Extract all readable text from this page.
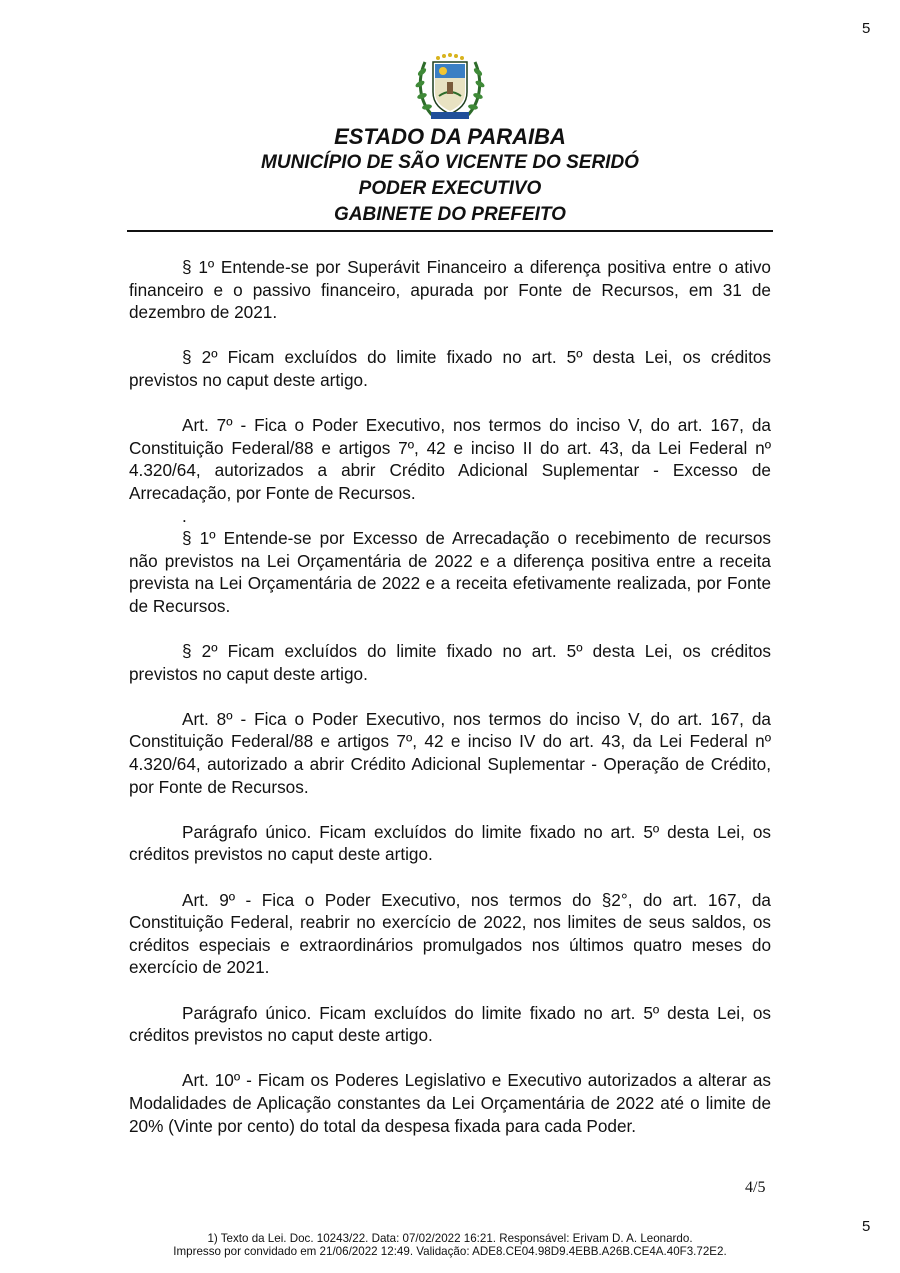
5
ESTADO DA PARAIBA
MUNICÍPIO DE SÃO VICENTE DO SERIDÓ
PODER EXECUTIVO
GABINETE DO PREFEITO

§ 1º Entende-se por Superávit Financeiro a diferença positiva entre o ativo financeiro e o passivo financeiro, apurada por Fonte de Recursos, em 31 de dezembro de 2021.

§ 2º Ficam excluídos do limite fixado no art. 5º desta Lei, os créditos previstos no caput deste artigo.

Art. 7º - Fica o Poder Executivo, nos termos do inciso V, do art. 167, da Constituição Federal/88 e artigos 7º, 42 e inciso II do art. 43, da Lei Federal nº 4.320/64, autorizados a abrir Crédito Adicional Suplementar - Excesso de Arrecadação, por Fonte de Recursos.

.

§ 1º Entende-se por Excesso de Arrecadação o recebimento de recursos não previstos na Lei Orçamentária de 2022 e a diferença positiva entre a receita prevista na Lei Orçamentária de 2022 e a receita efetivamente realizada, por Fonte de Recursos.

§ 2º Ficam excluídos do limite fixado no art. 5º desta Lei, os créditos previstos no caput deste artigo.

Art. 8º - Fica o Poder Executivo, nos termos do inciso V, do art. 167, da Constituição Federal/88 e artigos 7º, 42 e inciso IV do art. 43, da Lei Federal nº 4.320/64, autorizado a abrir Crédito Adicional Suplementar - Operação de Crédito, por Fonte de Recursos.

Parágrafo único. Ficam excluídos do limite fixado no art. 5º desta Lei, os créditos previstos no caput deste artigo.

Art. 9º - Fica o Poder Executivo, nos termos do §2°, do art. 167, da Constituição Federal, reabrir no exercício de 2022, nos limites de seus saldos, os créditos especiais e extraordinários promulgados nos últimos quatro meses do exercício de 2021.

Parágrafo único. Ficam excluídos do limite fixado no art. 5º desta Lei, os créditos previstos no caput deste artigo.

Art. 10º - Ficam os Poderes Legislativo e Executivo autorizados a alterar as Modalidades de Aplicação constantes da Lei Orçamentária de 2022 até o limite de 20% (Vinte por cento) do total da despesa fixada para cada Poder.

4/5
5
1) Texto da Lei. Doc. 10243/22. Data: 07/02/2022 16:21. Responsável: Erivam D. A. Leonardo.
Impresso por convidado em 21/06/2022 12:49. Validação: ADE8.CE04.98D9.4EBB.A26B.CE4A.40F3.72E2.
